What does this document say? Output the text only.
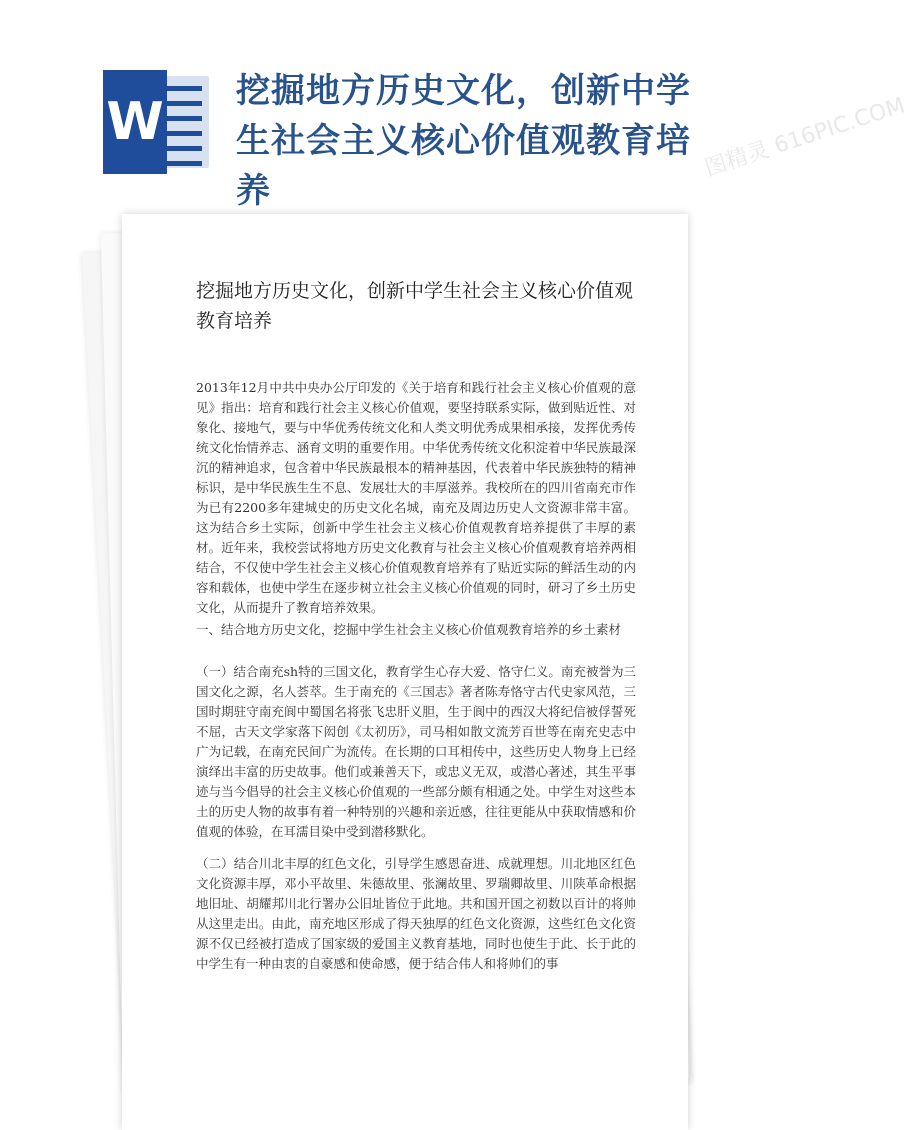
W
挖掘地方历史文化，创新中学生社会主义核心价值观教育培养
图精灵 616PIC.COM
挖掘地方历史文化，创新中学生社会主义核心价值观教育培养

2013年12月中共中央办公厅印发的《关于培育和践行社会主义核心价值观的意见》指出：培育和践行社会主义核心价值观，要坚持联系实际，做到贴近性、对象化、接地气，要与中华优秀传统文化和人类文明优秀成果相承接，发挥优秀传统文化怡情养志、涵育文明的重要作用。中华优秀传统文化积淀着中华民族最深沉的精神追求，包含着中华民族最根本的精神基因，代表着中华民族独特的精神标识，是中华民族生生不息、发展壮大的丰厚滋养。我校所在的四川省南充市作为已有2200多年建城史的历史文化名城，南充及周边历史人文资源非常丰富。这为结合乡土实际，创新中学生社会主义核心价值观教育培养提供了丰厚的素材。近年来，我校尝试将地方历史文化教育与社会主义核心价值观教育培养两相结合，不仅使中学生社会主义核心价值观教育培养有了贴近实际的鲜活生动的内容和载体，也使中学生在逐步树立社会主义核心价值观的同时，研习了乡土历史文化，从而提升了教育培养效果。

一、结合地方历史文化，挖掘中学生社会主义核心价值观教育培养的乡土素材

（一）结合南充sh特的三国文化，教育学生心存大爱、恪守仁义。南充被誉为三国文化之源，名人荟萃。生于南充的《三国志》著者陈寿恪守古代史家风范，三国时期驻守南充阆中蜀国名将张飞忠肝义胆，生于阆中的西汉大将纪信被俘誓死不屈，古天文学家落下闳创《太初历》，司马相如散文流芳百世等在南充史志中广为记载，在南充民间广为流传。在长期的口耳相传中，这些历史人物身上已经演绎出丰富的历史故事。他们或兼善天下，或忠义无双，或潜心著述，其生平事迹与当今倡导的社会主义核心价值观的一些部分颇有相通之处。中学生对这些本土的历史人物的故事有着一种特别的兴趣和亲近感，往往更能从中获取情感和价值观的体验，在耳濡目染中受到潜移默化。

（二）结合川北丰厚的红色文化，引导学生感恩奋进、成就理想。川北地区红色文化资源丰厚，邓小平故里、朱德故里、张澜故里、罗瑞卿故里、川陕革命根据地旧址、胡耀邦川北行署办公旧址皆位于此地。共和国开国之初数以百计的将帅从这里走出。由此，南充地区形成了得天独厚的红色文化资源，这些红色文化资源不仅已经被打造成了国家级的爱国主义教育基地，同时也使生于此、长于此的中学生有一种由衷的自豪感和使命感，便于结合伟人和将帅们的事
